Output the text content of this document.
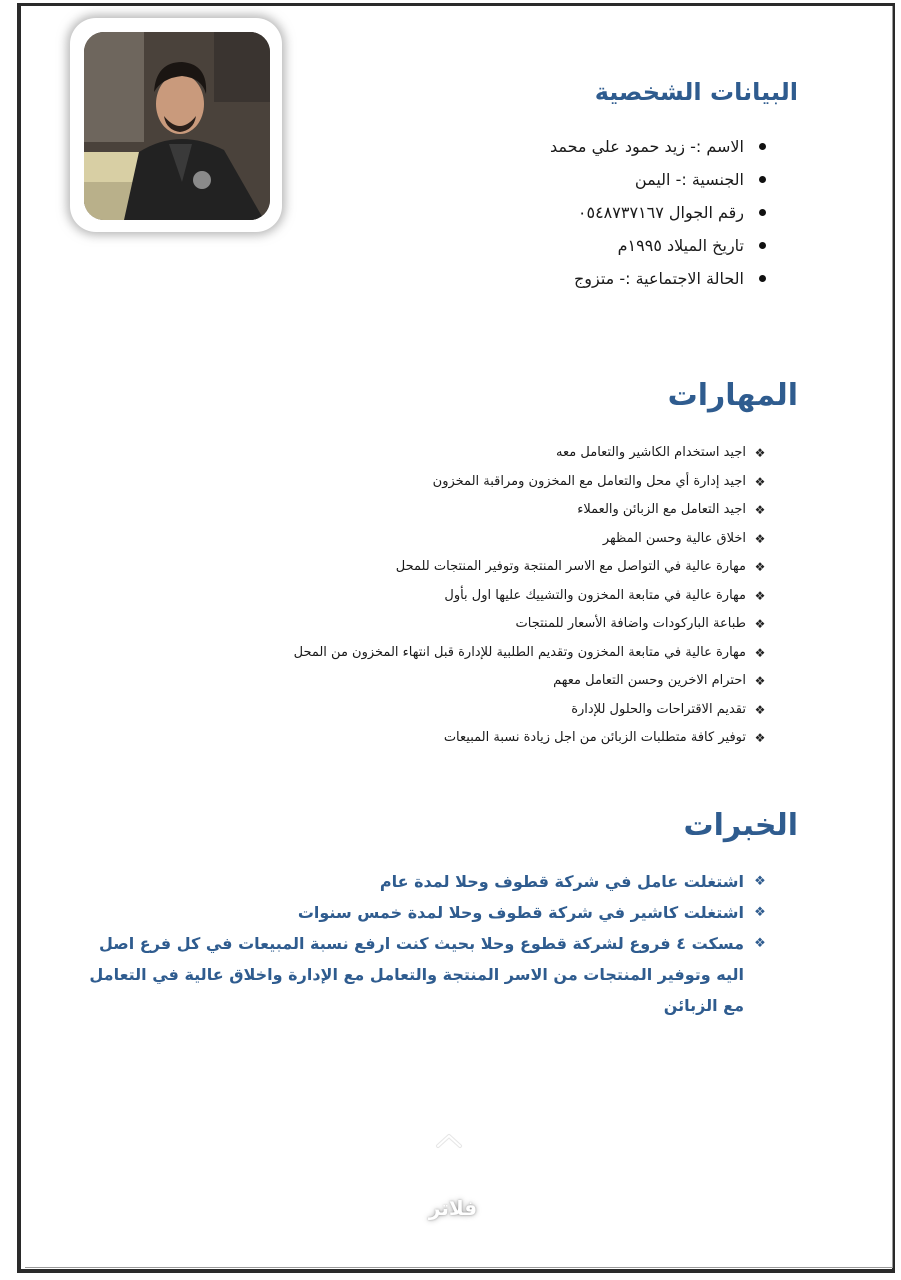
البيانات الشخصية
الاسم :- زيد حمود علي محمد
الجنسية :- اليمن
رقم الجوال ٠٥٤٨٧٣٧١٦٧
تاريخ الميلاد ١٩٩٥م
الحالة الاجتماعية :- متزوج
المهارات
❖
اجيد استخدام الكاشير والتعامل معه
❖
اجيد إدارة أي محل والتعامل مع المخزون ومراقبة المخزون
❖
اجيد التعامل مع الزبائن والعملاء
❖
اخلاق عالية وحسن المظهر
❖
مهارة عالية في التواصل مع الاسر المنتجة وتوفير المنتجات للمحل
❖
مهارة عالية في متابعة المخزون والتشييك عليها اول بأول
❖
طباعة الباركودات واضافة الأسعار للمنتجات
❖
مهارة عالية في متابعة المخزون وتقديم الطلبية للإدارة قبل انتهاء المخزون من المحل
❖
احترام الاخرين وحسن التعامل معهم
❖
تقديم الاقتراحات والحلول للإدارة
❖
توفير كافة متطلبات الزبائن من اجل زيادة نسبة المبيعات
الخبرات
❖
اشتغلت عامل في شركة قطوف وحلا لمدة عام
❖
اشتغلت كاشير في شركة قطوف وحلا لمدة خمس سنوات
❖
مسكت ٤ فروع لشركة قطوع وحلا بحيث كنت ارفع نسبة المبيعات في كل فرع اصل اليه وتوفير المنتجات من الاسر المنتجة والتعامل مع الإدارة واخلاق عالية في التعامل مع الزبائن
فلاتر
